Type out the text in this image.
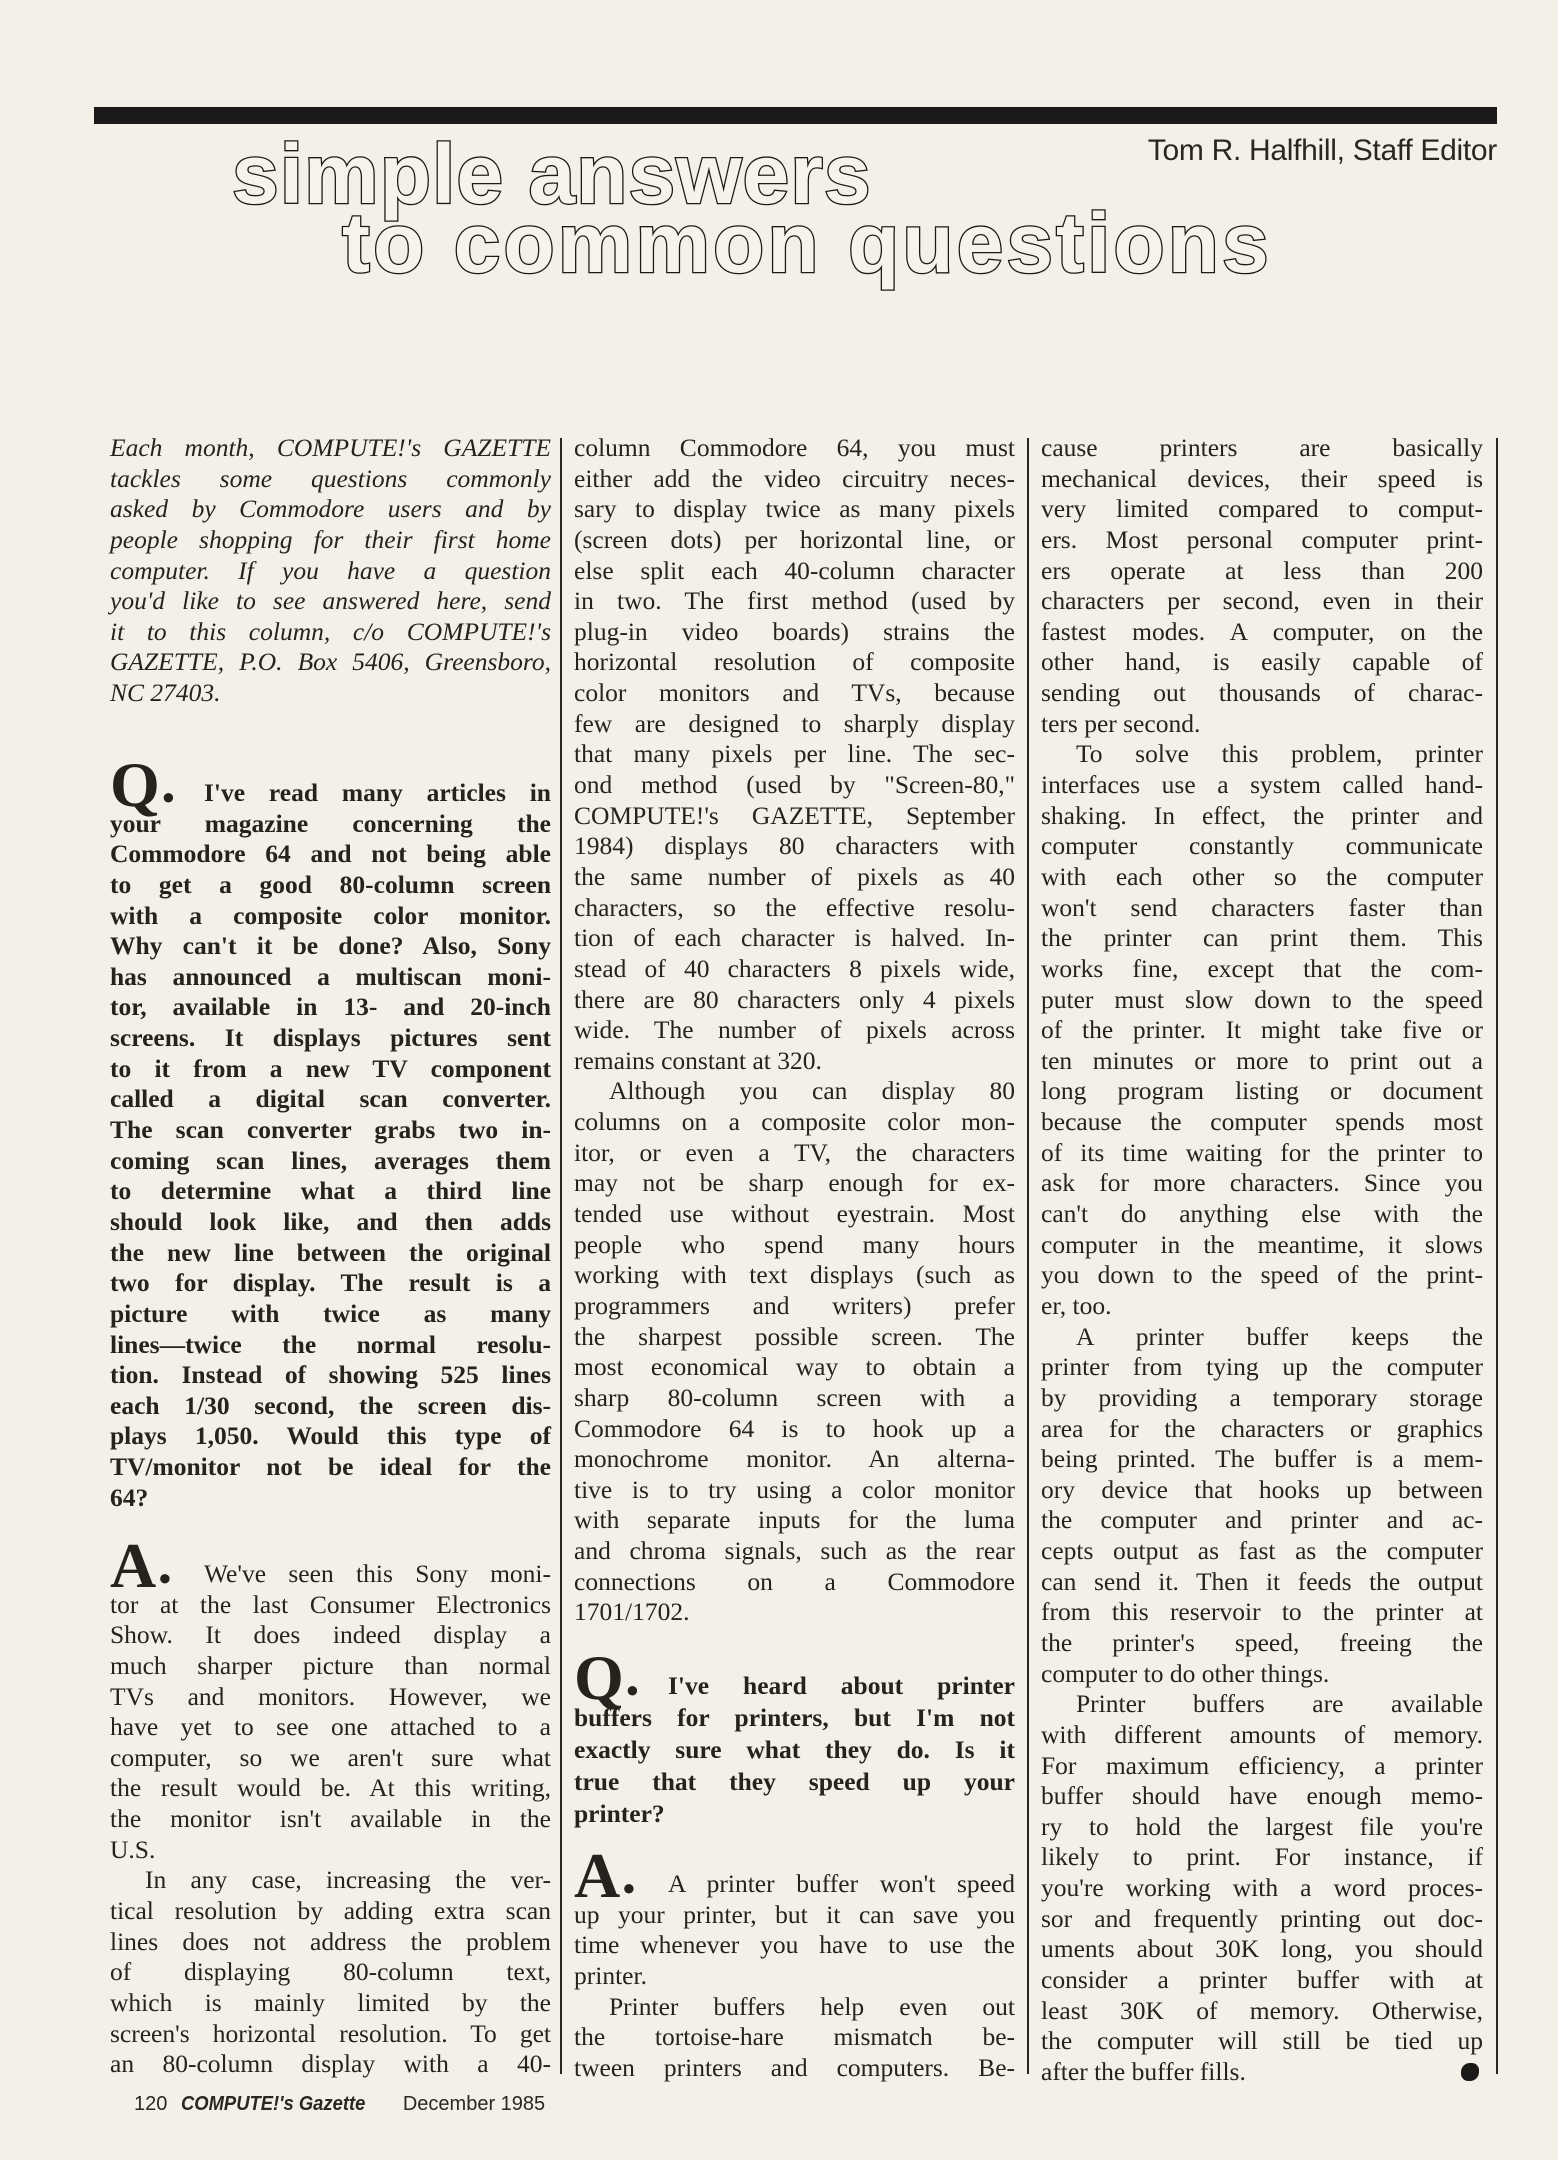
simple answers
to common questions
Tom R. Halfhill, Staff Editor
Each month, COMPUTE!'s GAZETTE
tackles some questions commonly
asked by Commodore users and by
people shopping for their first home
computer. If you have a question
you'd like to see answered here, send
it to this column, c/o COMPUTE!'s
GAZETTE, P.O. Box 5406, Greensboro,
NC 27403.
Q● I've read many articles in
your magazine concerning the
Commodore 64 and not being able
to get a good 80-column screen
with a composite color monitor.
Why can't it be done? Also, Sony
has announced a multiscan moni-
tor, available in 13- and 20-inch
screens. It displays pictures sent
to it from a new TV component
called a digital scan converter.
The scan converter grabs two in-
coming scan lines, averages them
to determine what a third line
should look like, and then adds
the new line between the original
two for display. The result is a
picture with twice as many
lines—twice the normal resolu-
tion. Instead of showing 525 lines
each 1/30 second, the screen dis-
plays 1,050. Would this type of
TV/monitor not be ideal for the
64?
A● We've seen this Sony moni-
tor at the last Consumer Electronics
Show. It does indeed display a
much sharper picture than normal
TVs and monitors. However, we
have yet to see one attached to a
computer, so we aren't sure what
the result would be. At this writing,
the monitor isn't available in the
U.S.
In any case, increasing the ver-
tical resolution by adding extra scan
lines does not address the problem
of displaying 80-column text,
which is mainly limited by the
screen's horizontal resolution. To get
an 80-column display with a 40-
column Commodore 64, you must
either add the video circuitry neces-
sary to display twice as many pixels
(screen dots) per horizontal line, or
else split each 40-column character
in two. The first method (used by
plug-in video boards) strains the
horizontal resolution of composite
color monitors and TVs, because
few are designed to sharply display
that many pixels per line. The sec-
ond method (used by "Screen-80,"
COMPUTE!'s GAZETTE, September
1984) displays 80 characters with
the same number of pixels as 40
characters, so the effective resolu-
tion of each character is halved. In-
stead of 40 characters 8 pixels wide,
there are 80 characters only 4 pixels
wide. The number of pixels across
remains constant at 320.
Although you can display 80
columns on a composite color mon-
itor, or even a TV, the characters
may not be sharp enough for ex-
tended use without eyestrain. Most
people who spend many hours
working with text displays (such as
programmers and writers) prefer
the sharpest possible screen. The
most economical way to obtain a
sharp 80-column screen with a
Commodore 64 is to hook up a
monochrome monitor. An alterna-
tive is to try using a color monitor
with separate inputs for the luma
and chroma signals, such as the rear
connections on a Commodore
1701/1702.
Q● I've heard about printer
buffers for printers, but I'm not
exactly sure what they do. Is it
true that they speed up your
printer?
A● A printer buffer won't speed
up your printer, but it can save you
time whenever you have to use the
printer.
Printer buffers help even out
the tortoise-hare mismatch be-
tween printers and computers. Be-
cause printers are basically
mechanical devices, their speed is
very limited compared to comput-
ers. Most personal computer print-
ers operate at less than 200
characters per second, even in their
fastest modes. A computer, on the
other hand, is easily capable of
sending out thousands of charac-
ters per second.
To solve this problem, printer
interfaces use a system called hand-
shaking. In effect, the printer and
computer constantly communicate
with each other so the computer
won't send characters faster than
the printer can print them. This
works fine, except that the com-
puter must slow down to the speed
of the printer. It might take five or
ten minutes or more to print out a
long program listing or document
because the computer spends most
of its time waiting for the printer to
ask for more characters. Since you
can't do anything else with the
computer in the meantime, it slows
you down to the speed of the print-
er, too.
A printer buffer keeps the
printer from tying up the computer
by providing a temporary storage
area for the characters or graphics
being printed. The buffer is a mem-
ory device that hooks up between
the computer and printer and ac-
cepts output as fast as the computer
can send it. Then it feeds the output
from this reservoir to the printer at
the printer's speed, freeing the
computer to do other things.
Printer buffers are available
with different amounts of memory.
For maximum efficiency, a printer
buffer should have enough memo-
ry to hold the largest file you're
likely to print. For instance, if
you're working with a word proces-
sor and frequently printing out doc-
uments about 30K long, you should
consider a printer buffer with at
least 30K of memory. Otherwise,
the computer will still be tied up
after the buffer fills.
120 COMPUTE!'s Gazette December 1985
